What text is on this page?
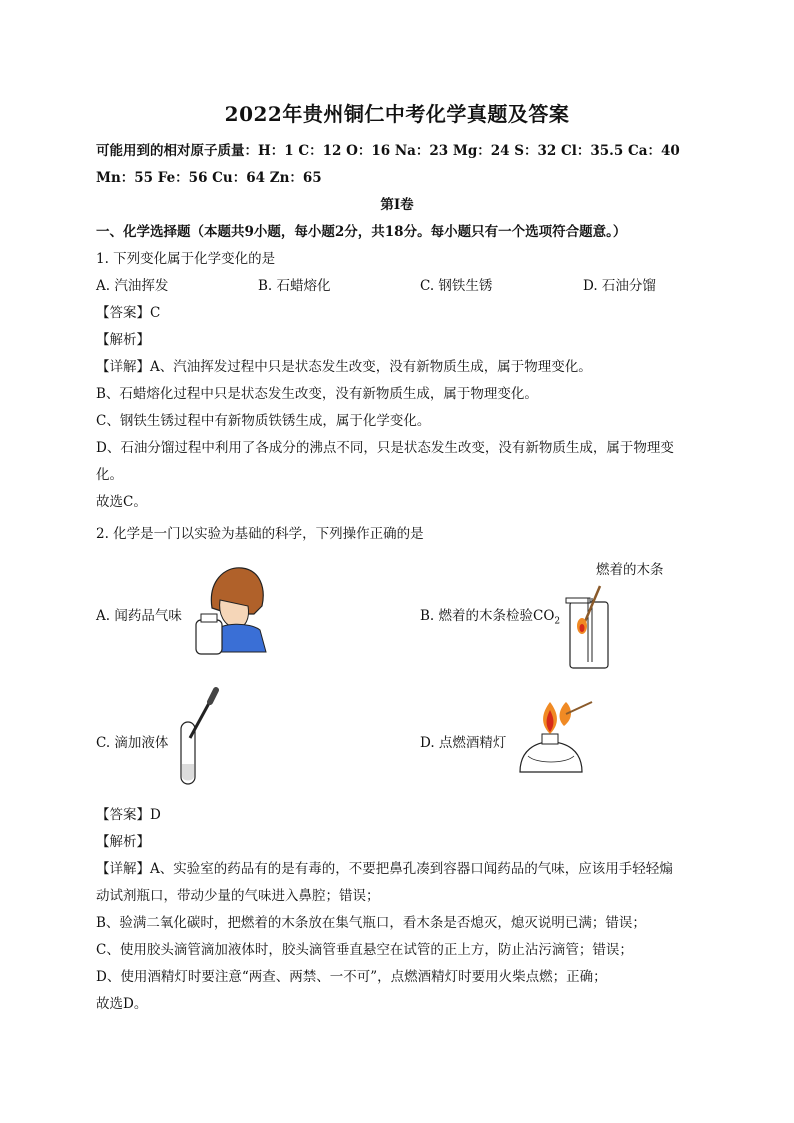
2022年贵州铜仁中考化学真题及答案
可能用到的相对原子质量：H：1 C：12 O：16 Na：23 Mg：24 S：32 Cl：35.5 Ca：40
Mn：55 Fe：56 Cu：64 Zn：65
第I卷
一、化学选择题（本题共9小题，每小题2分，共18分。每小题只有一个选项符合题意。）
1. 下列变化属于化学变化的是
A. 汽油挥发	B. 石蜡熔化	C. 钢铁生锈	D. 石油分馏
【答案】C
【解析】
【详解】A、汽油挥发过程中只是状态发生改变，没有新物质生成，属于物理变化。
B、石蜡熔化过程中只是状态发生改变，没有新物质生成，属于物理变化。
C、钢铁生锈过程中有新物质铁锈生成，属于化学变化。
D、石油分馏过程中利用了各成分的沸点不同，只是状态发生改变，没有新物质生成，属于物理变
化。
故选C。
2. 化学是一门以实验为基础的科学，下列操作正确的是
燃着的木条
A. 闻药品气味	B. 燃着的木条检验$CO_2$
C. 滴加液体	D. 点燃酒精灯
【答案】D
【解析】
【详解】A、实验室的药品有的是有毒的，不要把鼻孔凑到容器口闻药品的气味，应该用手轻轻煽
动试剂瓶口，带动少量的气味进入鼻腔；错误；
B、验满二氧化碳时，把燃着的木条放在集气瓶口，看木条是否熄灭，熄灭说明已满；错误；
C、使用胶头滴管滴加液体时，胶头滴管垂直悬空在试管的正上方，防止沾污滴管；错误；
D、使用酒精灯时要注意“两查、两禁、一不可”，点燃酒精灯时要用火柴点燃；正确；
故选D。
